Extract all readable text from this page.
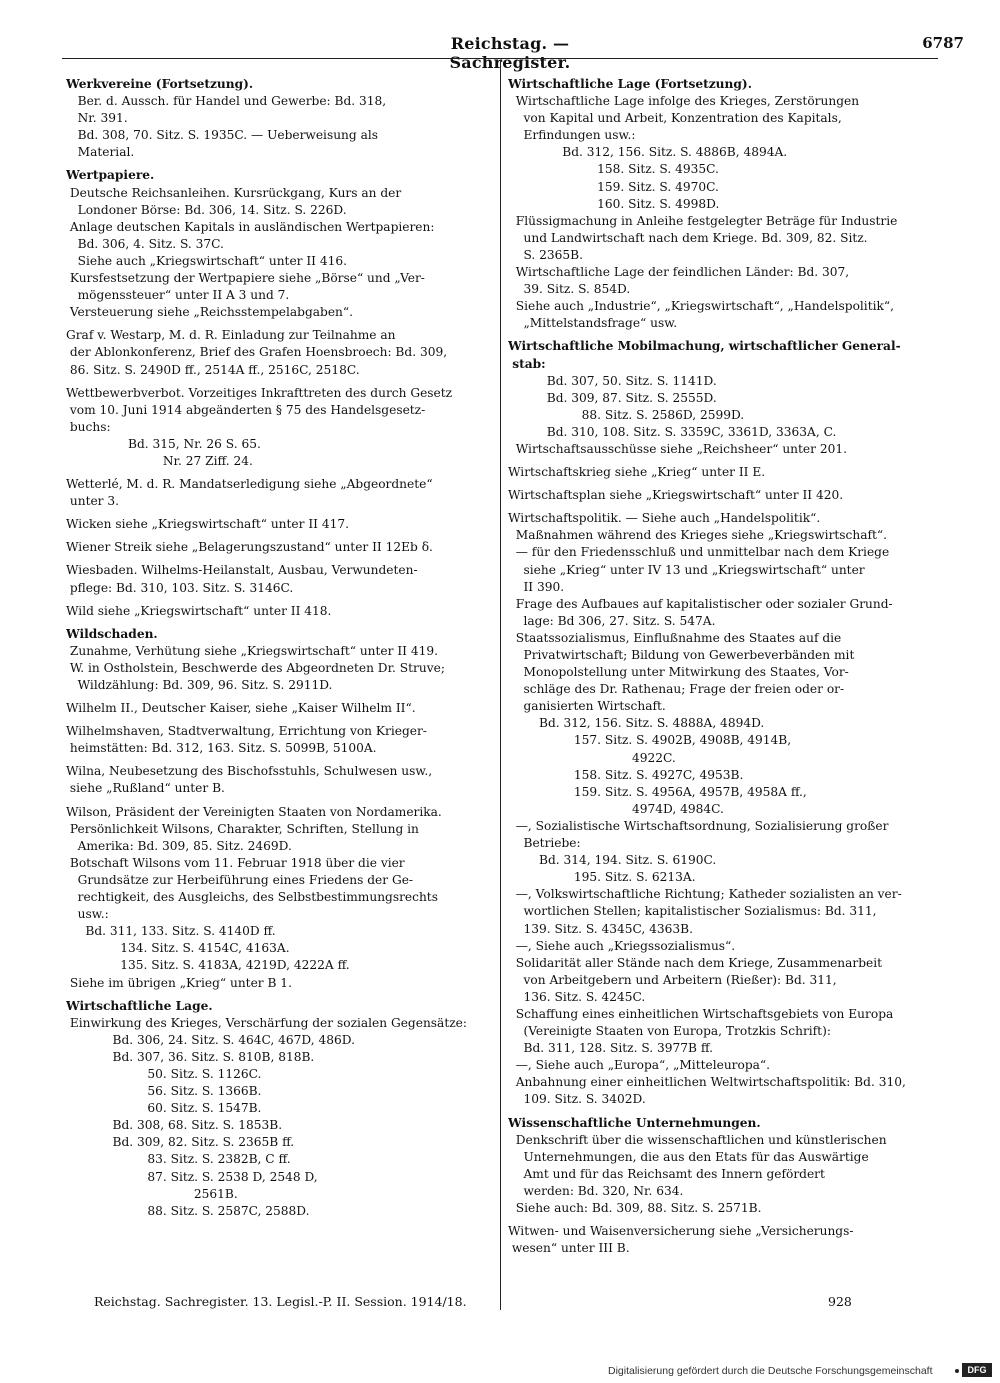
Reichstag. — Sachregister.
6787
Werkvereine (Fortsetzung).
Ber. d. Aussch. für Handel und Gewerbe: Bd. 318,
Nr. 391.
Bd. 308, 70. Sitz. S. 1935C. — Ueberweisung als
Material.
Wertpapiere.
Deutsche Reichsanleihen. Kursrückgang, Kurs an der
Londoner Börse: Bd. 306, 14. Sitz. S. 226D.
Anlage deutschen Kapitals in ausländischen Wertpapieren:
Bd. 306, 4. Sitz. S. 37C.
Siehe auch „Kriegswirtschaft“ unter II 416.
Kursfestsetzung der Wertpapiere siehe „Börse“ und „Ver-
mögenssteuer“ unter II A 3 und 7.
Versteuerung siehe „Reichsstempelabgaben“.
Graf v. Westarp, M. d. R. Einladung zur Teilnahme an
der Ablonkonferenz, Brief des Grafen Hoensbroech: Bd. 309,
86. Sitz. S. 2490D ff., 2514A ff., 2516C, 2518C.
Wettbewerbverbot. Vorzeitiges Inkrafttreten des durch Gesetz
vom 10. Juni 1914 abgeänderten § 75 des Handelsgesetz-
buchs:
Bd. 315, Nr. 26 S. 65.
Nr. 27 Ziff. 24.
Wetterlé, M. d. R. Mandatserledigung siehe „Abgeordnete“
unter 3.
Wicken siehe „Kriegswirtschaft“ unter II 417.
Wiener Streik siehe „Belagerungszustand“ unter II 12Eb δ.
Wiesbaden. Wilhelms-Heilanstalt, Ausbau, Verwundeten-
pflege: Bd. 310, 103. Sitz. S. 3146C.
Wild siehe „Kriegswirtschaft“ unter II 418.
Wildschaden.
Zunahme, Verhütung siehe „Kriegswirtschaft“ unter II 419.
W. in Ostholstein, Beschwerde des Abgeordneten Dr. Struve;
Wildzählung: Bd. 309, 96. Sitz. S. 2911D.
Wilhelm II., Deutscher Kaiser, siehe „Kaiser Wilhelm II“.
Wilhelmshaven, Stadtverwaltung, Errichtung von Krieger-
heimstätten: Bd. 312, 163. Sitz. S. 5099B, 5100A.
Wilna, Neubesetzung des Bischofsstuhls, Schulwesen usw.,
siehe „Rußland“ unter B.
Wilson, Präsident der Vereinigten Staaten von Nordamerika.
Persönlichkeit Wilsons, Charakter, Schriften, Stellung in
Amerika: Bd. 309, 85. Sitz. 2469D.
Botschaft Wilsons vom 11. Februar 1918 über die vier
Grundsätze zur Herbeiführung eines Friedens der Ge-
rechtigkeit, des Ausgleichs, des Selbstbestimmungsrechts
usw.:
Bd. 311, 133. Sitz. S. 4140D ff.
134. Sitz. S. 4154C, 4163A.
135. Sitz. S. 4183A, 4219D, 4222A ff.
Siehe im übrigen „Krieg“ unter B 1.
Wirtschaftliche Lage.
Einwirkung des Krieges, Verschärfung der sozialen Gegensätze:
Bd. 306, 24. Sitz. S. 464C, 467D, 486D.
Bd. 307, 36. Sitz. S. 810B, 818B.
50. Sitz. S. 1126C.
56. Sitz. S. 1366B.
60. Sitz. S. 1547B.
Bd. 308, 68. Sitz. S. 1853B.
Bd. 309, 82. Sitz. S. 2365B ff.
83. Sitz. S. 2382B, C ff.
87. Sitz. S. 2538 D, 2548 D,
2561B.
88. Sitz. S. 2587C, 2588D.
Wirtschaftliche Lage (Fortsetzung).
Wirtschaftliche Lage infolge des Krieges, Zerstörungen
von Kapital und Arbeit, Konzentration des Kapitals,
Erfindungen usw.:
Bd. 312, 156. Sitz. S. 4886B, 4894A.
158. Sitz. S. 4935C.
159. Sitz. S. 4970C.
160. Sitz. S. 4998D.
Flüssigmachung in Anleihe festgelegter Beträge für Industrie
und Landwirtschaft nach dem Kriege. Bd. 309, 82. Sitz.
S. 2365B.
Wirtschaftliche Lage der feindlichen Länder: Bd. 307,
39. Sitz. S. 854D.
Siehe auch „Industrie“, „Kriegswirtschaft“, „Handelspolitik“,
„Mittelstandsfrage“ usw.
Wirtschaftliche Mobilmachung, wirtschaftlicher General-
stab:
Bd. 307, 50. Sitz. S. 1141D.
Bd. 309, 87. Sitz. S. 2555D.
88. Sitz. S. 2586D, 2599D.
Bd. 310, 108. Sitz. S. 3359C, 3361D, 3363A, C.
Wirtschaftsausschüsse siehe „Reichsheer“ unter 201.
Wirtschaftskrieg siehe „Krieg“ unter II E.
Wirtschaftsplan siehe „Kriegswirtschaft“ unter II 420.
Wirtschaftspolitik. — Siehe auch „Handelspolitik“.
Maßnahmen während des Krieges siehe „Kriegswirtschaft“.
— für den Friedensschluß und unmittelbar nach dem Kriege
siehe „Krieg“ unter IV 13 und „Kriegswirtschaft“ unter
II 390.
Frage des Aufbaues auf kapitalistischer oder sozialer Grund-
lage: Bd 306, 27. Sitz. S. 547A.
Staatssozialismus, Einflußnahme des Staates auf die
Privatwirtschaft; Bildung von Gewerbeverbänden mit
Monopolstellung unter Mitwirkung des Staates, Vor-
schläge des Dr. Rathenau; Frage der freien oder or-
ganisierten Wirtschaft.
Bd. 312, 156. Sitz. S. 4888A, 4894D.
157. Sitz. S. 4902B, 4908B, 4914B,
4922C.
158. Sitz. S. 4927C, 4953B.
159. Sitz. S. 4956A, 4957B, 4958A ff.,
4974D, 4984C.
—, Sozialistische Wirtschaftsordnung, Sozialisierung großer
Betriebe:
Bd. 314, 194. Sitz. S. 6190C.
195. Sitz. S. 6213A.
—, Volkswirtschaftliche Richtung; Katheder sozialisten an ver-
wortlichen Stellen; kapitalistischer Sozialismus: Bd. 311,
139. Sitz. S. 4345C, 4363B.
—, Siehe auch „Kriegssozialismus“.
Solidarität aller Stände nach dem Kriege, Zusammenarbeit
von Arbeitgebern und Arbeitern (Rießer): Bd. 311,
136. Sitz. S. 4245C.
Schaffung eines einheitlichen Wirtschaftsgebiets von Europa
(Vereinigte Staaten von Europa, Trotzkis Schrift):
Bd. 311, 128. Sitz. S. 3977B ff.
—, Siehe auch „Europa“, „Mitteleuropa“.
Anbahnung einer einheitlichen Weltwirtschaftspolitik: Bd. 310,
109. Sitz. S. 3402D.
Wissenschaftliche Unternehmungen.
Denkschrift über die wissenschaftlichen und künstlerischen
Unternehmungen, die aus den Etats für das Auswärtige
Amt und für das Reichsamt des Innern gefördert
werden: Bd. 320, Nr. 634.
Siehe auch: Bd. 309, 88. Sitz. S. 2571B.
Witwen- und Waisenversicherung siehe „Versicherungs-
wesen“ unter III B.
Reichstag. Sachregister. 13. Legisl.-P. II. Session. 1914/18.	928
Digitalisierung gefördert durch die Deutsche Forschungsgemeinschaft	DFG
